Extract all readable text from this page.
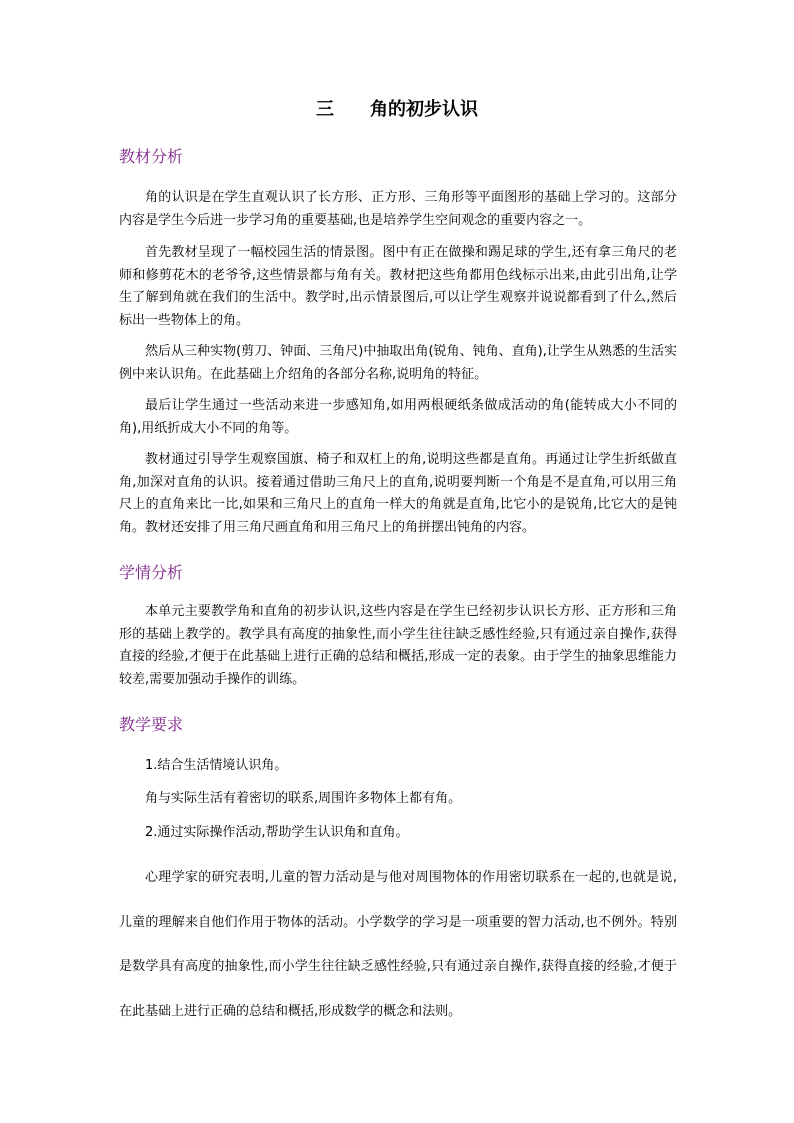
三　　角的初步认识
教材分析

角的认识是在学生直观认识了长方形、正方形、三角形等平面图形的基础上学习的。这部分内容是学生今后进一步学习角的重要基础,也是培养学生空间观念的重要内容之一。

首先教材呈现了一幅校园生活的情景图。图中有正在做操和踢足球的学生,还有拿三角尺的老师和修剪花木的老爷爷,这些情景都与角有关。教材把这些角都用色线标示出来,由此引出角,让学生了解到角就在我们的生活中。教学时,出示情景图后,可以让学生观察并说说都看到了什么,然后标出一些物体上的角。

然后从三种实物(剪刀、钟面、三角尺)中抽取出角(锐角、钝角、直角),让学生从熟悉的生活实例中来认识角。在此基础上介绍角的各部分名称,说明角的特征。

最后让学生通过一些活动来进一步感知角,如用两根硬纸条做成活动的角(能转成大小不同的角),用纸折成大小不同的角等。

教材通过引导学生观察国旗、椅子和双杠上的角,说明这些都是直角。再通过让学生折纸做直角,加深对直角的认识。接着通过借助三角尺上的直角,说明要判断一个角是不是直角,可以用三角尺上的直角来比一比,如果和三角尺上的直角一样大的角就是直角,比它小的是锐角,比它大的是钝角。教材还安排了用三角尺画直角和用三角尺上的角拼摆出钝角的内容。

学情分析

本单元主要教学角和直角的初步认识,这些内容是在学生已经初步认识长方形、正方形和三角形的基础上教学的。教学具有高度的抽象性,而小学生往往缺乏感性经验,只有通过亲自操作,获得直接的经验,才便于在此基础上进行正确的总结和概括,形成一定的表象。由于学生的抽象思维能力较差,需要加强动手操作的训练。

教学要求

1.结合生活情境认识角。

角与实际生活有着密切的联系,周围许多物体上都有角。

2.通过实际操作活动,帮助学生认识角和直角。

心理学家的研究表明,儿童的智力活动是与他对周围物体的作用密切联系在一起的,也就是说,儿童的理解来自他们作用于物体的活动。小学数学的学习是一项重要的智力活动,也不例外。特别是数学具有高度的抽象性,而小学生往往缺乏感性经验,只有通过亲自操作,获得直接的经验,才便于在此基础上进行正确的总结和概括,形成数学的概念和法则。
